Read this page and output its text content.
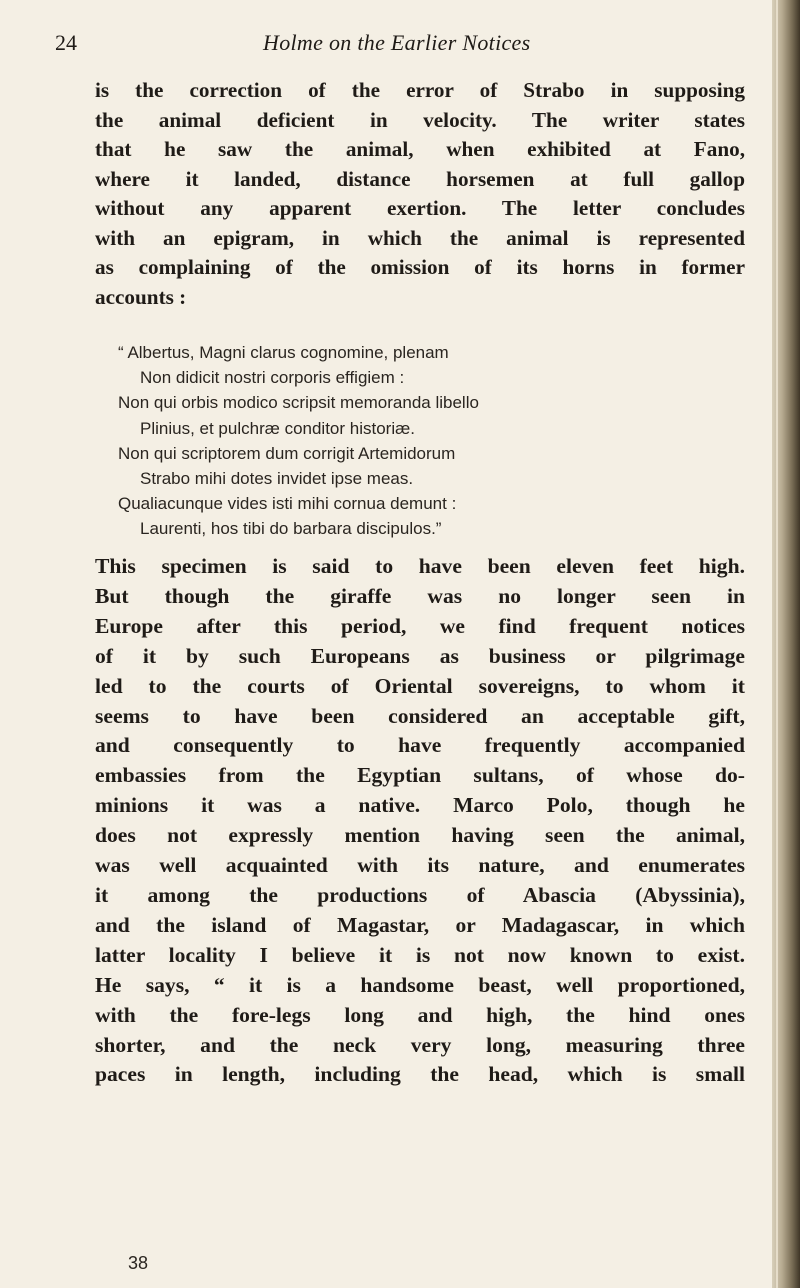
24	Holme on the Earlier Notices
is the correction of the error of Strabo in supposing
the animal deficient in velocity. The writer states
that he saw the animal, when exhibited at Fano,
where it landed, distance horsemen at full gallop
without any apparent exertion. The letter concludes
with an epigram, in which the animal is represented
as complaining of the omission of its horns in former
accounts :
“ Albertus, Magni clarus cognomine, plenam
Non didicit nostri corporis effigiem :
Non qui orbis modico scripsit memoranda libello
Plinius, et pulchræ conditor historiæ.
Non qui scriptorem dum corrigit Artemidorum
Strabo mihi dotes invidet ipse meas.
Qualiacunque vides isti mihi cornua demunt :
Laurenti, hos tibi do barbara discipulos.”
This specimen is said to have been eleven feet high.
But though the giraffe was no longer seen in
Europe after this period, we find frequent notices
of it by such Europeans as business or pilgrimage
led to the courts of Oriental sovereigns, to whom it
seems to have been considered an acceptable gift,
and consequently to have frequently accompanied
embassies from the Egyptian sultans, of whose do-
minions it was a native. Marco Polo, though he
does not expressly mention having seen the animal,
was well acquainted with its nature, and enumerates
it among the productions of Abascia (Abyssinia),
and the island of Magastar, or Madagascar, in which
latter locality I believe it is not now known to exist.
He says, “ it is a handsome beast, well proportioned,
with the fore-legs long and high, the hind ones
shorter, and the neck very long, measuring three
paces in length, including the head, which is small
38
